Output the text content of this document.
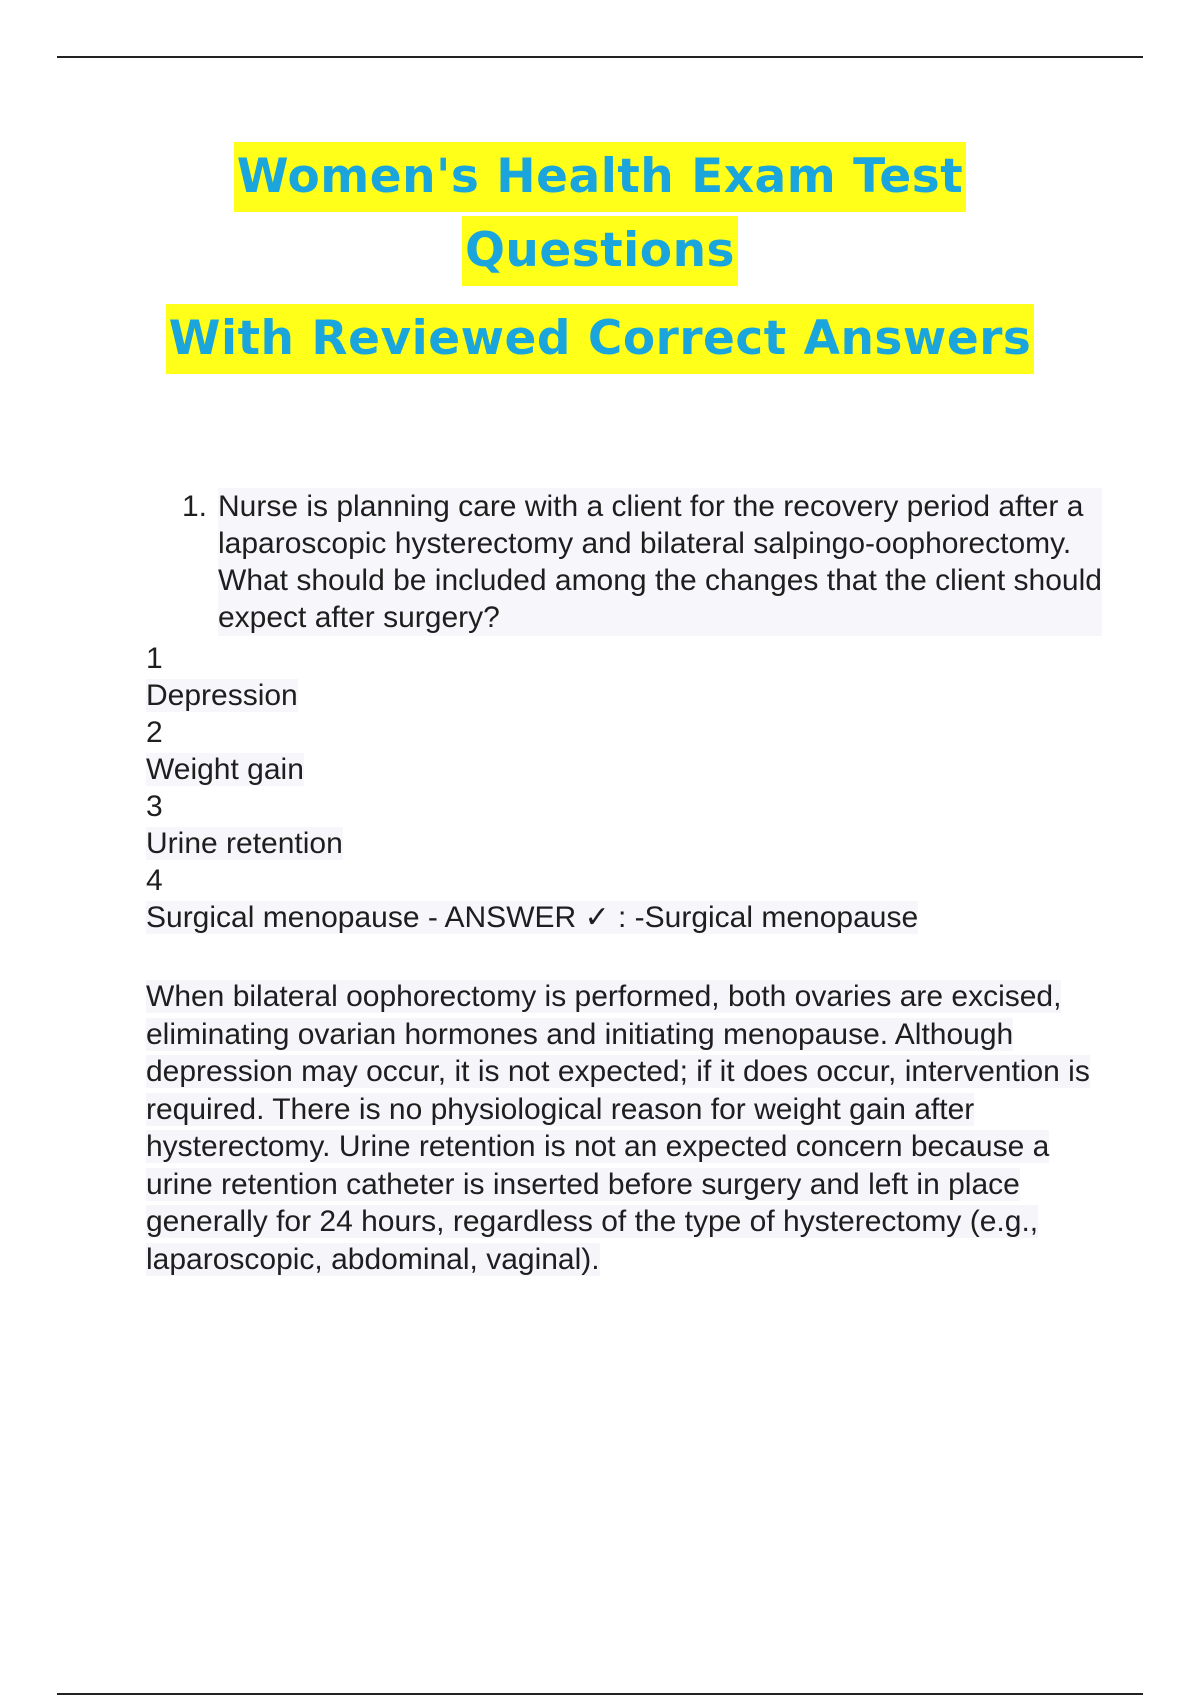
Women's Health Exam Test
Questions
With Reviewed Correct Answers
1. Nurse is planning care with a client for the recovery period after a laparoscopic hysterectomy and bilateral salpingo-oophorectomy. What should be included among the changes that the client should expect after surgery?
1
Depression
2
Weight gain
3
Urine retention
4
Surgical menopause - ANSWER ✓ : -Surgical menopause
When bilateral oophorectomy is performed, both ovaries are excised, eliminating ovarian hormones and initiating menopause. Although depression may occur, it is not expected; if it does occur, intervention is required. There is no physiological reason for weight gain after hysterectomy. Urine retention is not an expected concern because a urine retention catheter is inserted before surgery and left in place generally for 24 hours, regardless of the type of hysterectomy (e.g., laparoscopic, abdominal, vaginal).
